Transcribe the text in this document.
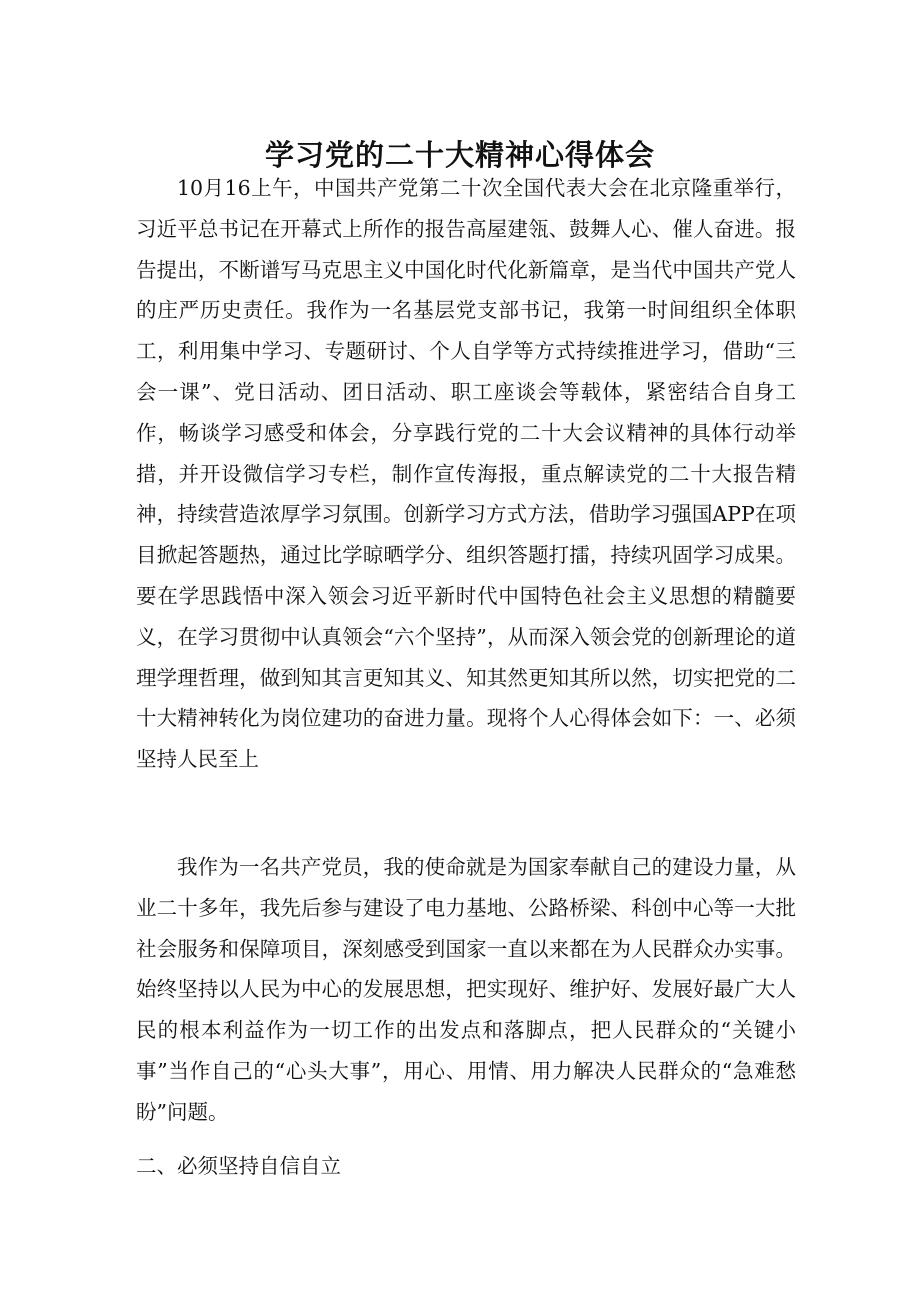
学习党的二十大精神心得体会

10月16上午，中国共产党第二十次全国代表大会在北京隆重举行，习近平总书记在开幕式上所作的报告高屋建瓴、鼓舞人心、催人奋进。报告提出，不断谱写马克思主义中国化时代化新篇章，是当代中国共产党人的庄严历史责任。我作为一名基层党支部书记，我第一时间组织全体职工，利用集中学习、专题研讨、个人自学等方式持续推进学习，借助“三会一课”、党日活动、团日活动、职工座谈会等载体，紧密结合自身工作，畅谈学习感受和体会，分享践行党的二十大会议精神的具体行动举措，并开设微信学习专栏，制作宣传海报，重点解读党的二十大报告精神，持续营造浓厚学习氛围。创新学习方式方法，借助学习强国APP在项目掀起答题热，通过比学晾晒学分、组织答题打擂，持续巩固学习成果。要在学思践悟中深入领会习近平新时代中国特色社会主义思想的精髓要义，在学习贯彻中认真领会“六个坚持”，从而深入领会党的创新理论的道理学理哲理，做到知其言更知其义、知其然更知其所以然，切实把党的二十大精神转化为岗位建功的奋进力量。现将个人心得体会如下：一、必须坚持人民至上

我作为一名共产党员，我的使命就是为国家奉献自己的建设力量，从业二十多年，我先后参与建设了电力基地、公路桥梁、科创中心等一大批社会服务和保障项目，深刻感受到国家一直以来都在为人民群众办实事。始终坚持以人民为中心的发展思想，把实现好、维护好、发展好最广大人民的根本利益作为一切工作的出发点和落脚点，把人民群众的“关键小事”当作自己的“心头大事”，用心、用情、用力解决人民群众的“急难愁盼”问题。

二、必须坚持自信自立
